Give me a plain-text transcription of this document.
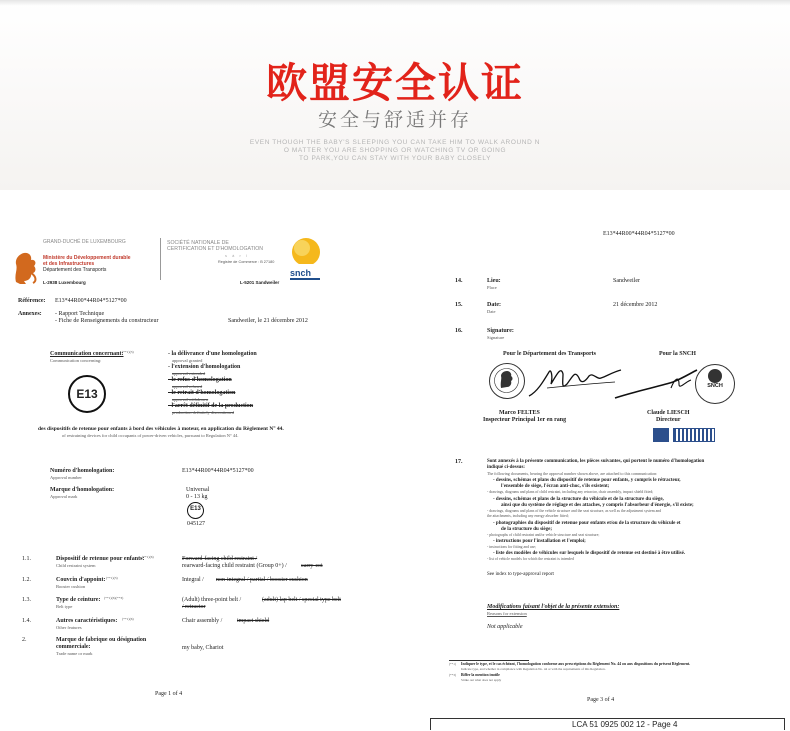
欧盟安全认证
安全与舒适并存
EVEN THOUGH THE BABY'S SLEEPING YOU CAN TAKE HIM TO WALK AROUND N
O MATTER YOU ARE SHOPPING OR WATCHING TV OR GOING
TO PARK,YOU CAN STAY WITH YOUR BABY CLOSELY
GRAND-DUCHÉ DE LUXEMBOURG
Ministère du Développement durable
et des Infrastructures
Département des Transports
L-2938 Luxembourg
SOCIÉTÉ NATIONALE DE
CERTIFICATION ET D'HOMOLOGATION
s à r l
Registre de Commerce : B 27180
L-5201 Sandweiler
snch
Référence: E13*44R00*44R04*5127*00
Annexes: - Rapport Technique
- Fiche de Renseignements du constructeur	Sandweiler, le 21 décembre 2012
Communication concernant:
(**1)(3)
Communication concerning:
- la délivrance d'une homologation
approval granted
- l'extension d'homologation
approval extended
- le refus d'homologation
approval refused
- le retrait d'homologation
approval withdrawn
- l'arrêt définitif de la production
production definitely discontinued
E13
des dispositifs de retenue pour enfants à bord des véhicules à moteur, en application du Règlement N° 44.
of restraining devices for child occupants of power-driven vehicles, pursuant to Regulation N° 44.
Numéro d'homologation:
Approval number
E13*44R00*44R04*5127*00
Marque d'homologation:
Approval mark
Universal
0 - 13 kg
E13
045127
1.1.	Dispositif de retenue pour enfants:
(**1)(6)
Child restraint system
Forward-facing child restraint /
rearward-facing child restraint (Group 0+) / carry-cot
1.2.	Couvcin d'appoint: (**1)(3)
Booster cushion
Integral / non-integral / partial / booster cushion
1.3.	Type de ceinture: (**1)(6)(**3)
Belt type
(Adult) three-point belt /	(adult) lap belt / special type belt
/ retractor
1.4.	Autres caractéristiques: (**1)(6)
Other features
Chair assembly / impact shield
2.	Marque de fabrique ou désignation
commerciale:
Trade name or mark
my baby, Chariot
Page 1 of 4
E13*44R00*44R04*5127*00
14.	Lieu:
Place
Sandweiler
15.	Date:
Date
21 décembre 2012
16.	Signature:
Signature
Pour le Département des Transports	Pour la SNCH
SNCH
Marco FELTES
Inspecteur Principal 1er en rang
Claude LIESCH
Directeur
17.	Sont annexés à la présente communication, les pièces suivantes, qui portent le numéro d'homologation
indiqué ci-dessus:
The following documents, bearing the approval number shown above, are attached to this communication:
- dessins, schémas et plans du dispositif de retenue pour enfants, y compris le rétracteur,
l'ensemble de siège, l'écran anti-choc, s'ils existent;
- drawings, diagrams and plans of child restraint, including any retractor, chair assembly, impact shield fitted;
- dessins, schémas et plans de la structure du véhicule et de la structure du siège,
ainsi que du système de réglage et des attaches, y compris l'absorbeur d'énergie, s'il existe;
- drawings, diagrams and plans of the vehicle structure and the seat structure, as well as the adjustment system and
the attachments, including any energy absorber fitted;
- photographies du dispositif de retenue pour enfants et/ou de la structure du véhicule et
de la structure du siège;
- photographs of child restraint and/or vehicle structure and seat structure;
- instructions pour l'installation et l'emploi;
- instructions for fitting and use;
- liste des modèles de véhicules sur lesquels le dispositif de retenue est destiné à être utilisé.
- list of vehicle models for which the restraint is intended
See index to type-approval report
Modifications faisant l'objet de la présente extension:
Reasons for extension
Not applicable
(**1) Indiquer le type, et le cas échéant, l'homologation conforme aux prescriptions du Règlement No. 44 ou aux dispositions du présent Règlement.
Indicate type, and whether in compliance with Regulation No. 44 or with the requirements of this Regulation.
(**3) Biffer la mention inutile
Strike out what does not apply
Page 3 of 4
LCA 51 0925 002 12 - Page 4
